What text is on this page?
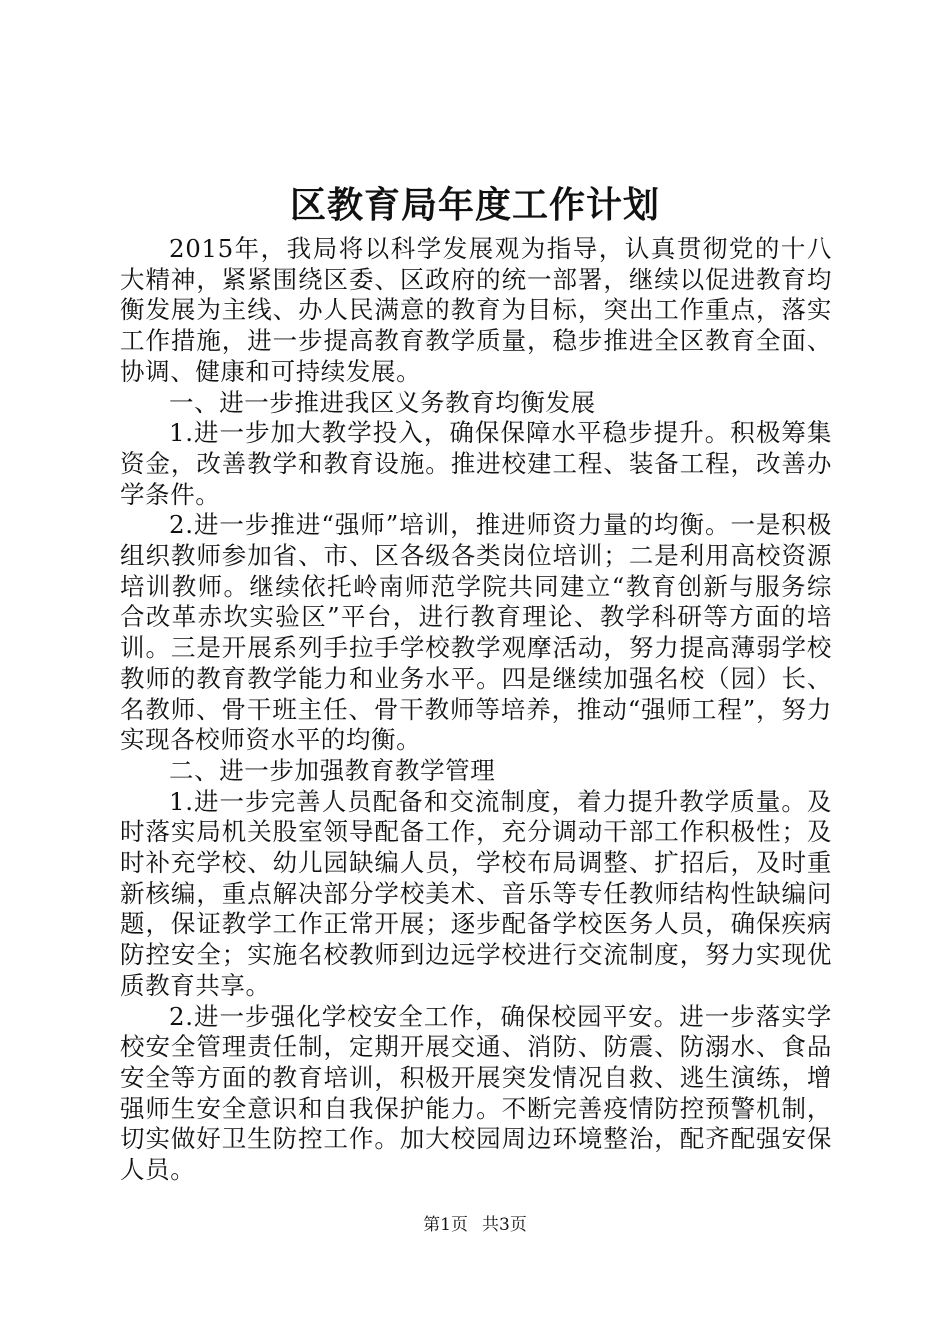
区教育局年度工作计划

2015年，我局将以科学发展观为指导，认真贯彻党的十八大精神，紧紧围绕区委、区政府的统一部署，继续以促进教育均衡发展为主线、办人民满意的教育为目标，突出工作重点，落实工作措施，进一步提高教育教学质量，稳步推进全区教育全面、协调、健康和可持续发展。

一、进一步推进我区义务教育均衡发展

1.进一步加大教学投入，确保保障水平稳步提升。积极筹集资金，改善教学和教育设施。推进校建工程、装备工程，改善办学条件。

2.进一步推进“强师”培训，推进师资力量的均衡。一是积极组织教师参加省、市、区各级各类岗位培训；二是利用高校资源培训教师。继续依托岭南师范学院共同建立“教育创新与服务综合改革赤坎实验区”平台，进行教育理论、教学科研等方面的培训。三是开展系列手拉手学校教学观摩活动，努力提高薄弱学校教师的教育教学能力和业务水平。四是继续加强名校（园）长、名教师、骨干班主任、骨干教师等培养，推动“强师工程”，努力实现各校师资水平的均衡。

二、进一步加强教育教学管理

1.进一步完善人员配备和交流制度，着力提升教学质量。及时落实局机关股室领导配备工作，充分调动干部工作积极性；及时补充学校、幼儿园缺编人员，学校布局调整、扩招后，及时重新核编，重点解决部分学校美术、音乐等专任教师结构性缺编问题，保证教学工作正常开展；逐步配备学校医务人员，确保疾病防控安全；实施名校教师到边远学校进行交流制度，努力实现优质教育共享。

2.进一步强化学校安全工作，确保校园平安。进一步落实学校安全管理责任制，定期开展交通、消防、防震、防溺水、食品安全等方面的教育培训，积极开展突发情况自救、逃生演练，增强师生安全意识和自我保护能力。不断完善疫情防控预警机制，切实做好卫生防控工作。加大校园周边环境整治，配齐配强安保人员。

第1页 共3页
